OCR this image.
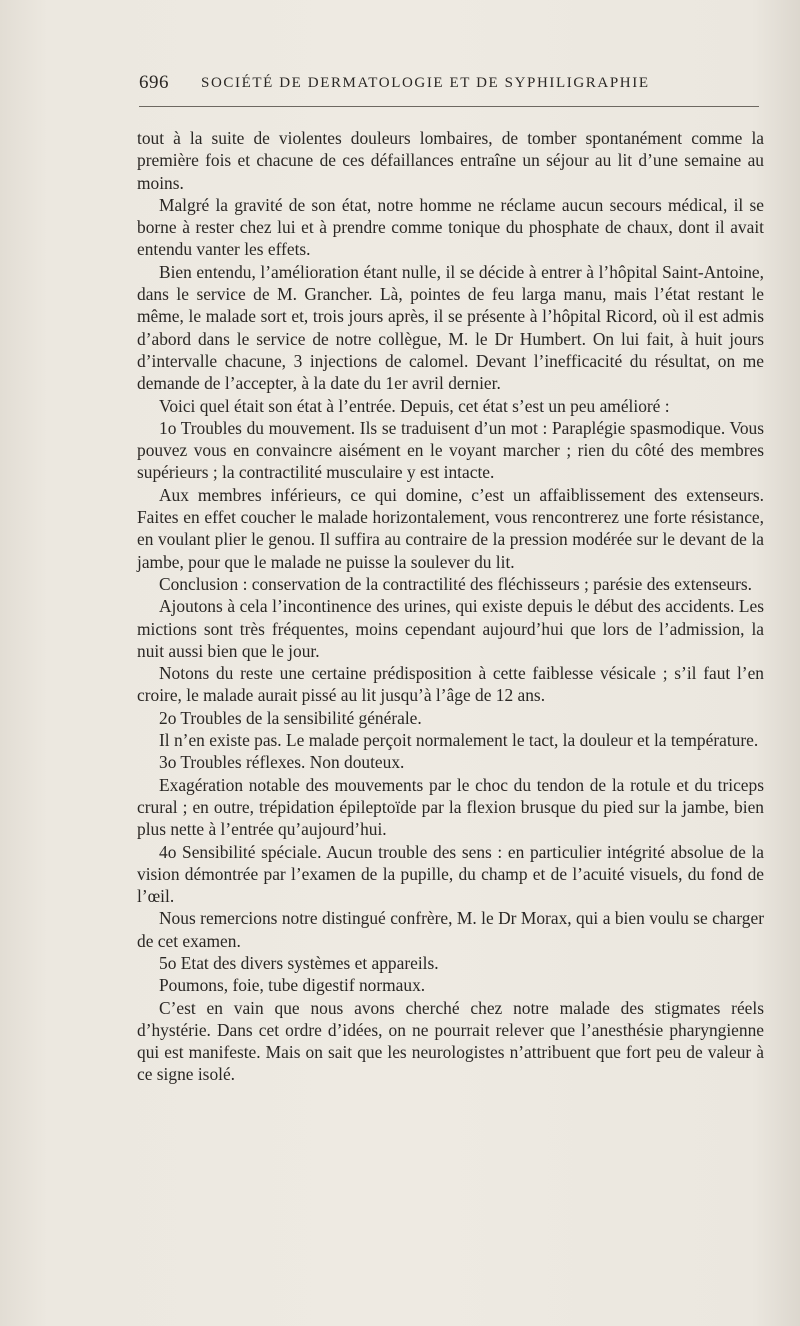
696 SOCIÉTÉ DE DERMATOLOGIE ET DE SYPHILIGRAPHIE

tout à la suite de violentes douleurs lombaires, de tomber spontanément comme la première fois et chacune de ces défaillances entraîne un séjour au lit d’une semaine au moins.

Malgré la gravité de son état, notre homme ne réclame aucun secours médical, il se borne à rester chez lui et à prendre comme tonique du phosphate de chaux, dont il avait entendu vanter les effets.

Bien entendu, l’amélioration étant nulle, il se décide à entrer à l’hôpital Saint-Antoine, dans le service de M. Grancher. Là, pointes de feu larga manu, mais l’état restant le même, le malade sort et, trois jours après, il se présente à l’hôpital Ricord, où il est admis d’abord dans le service de notre collègue, M. le Dr Humbert. On lui fait, à huit jours d’intervalle chacune, 3 injections de calomel. Devant l’inefficacité du résultat, on me demande de l’accepter, à la date du 1er avril dernier.

Voici quel était son état à l’entrée. Depuis, cet état s’est un peu amélioré :

1o Troubles du mouvement. Ils se traduisent d’un mot : Paraplégie spasmodique. Vous pouvez vous en convaincre aisément en le voyant marcher ; rien du côté des membres supérieurs ; la contractilité musculaire y est intacte.

Aux membres inférieurs, ce qui domine, c’est un affaiblissement des extenseurs. Faites en effet coucher le malade horizontalement, vous rencontrerez une forte résistance, en voulant plier le genou. Il suffira au contraire de la pression modérée sur le devant de la jambe, pour que le malade ne puisse la soulever du lit.

Conclusion : conservation de la contractilité des fléchisseurs ; parésie des extenseurs.

Ajoutons à cela l’incontinence des urines, qui existe depuis le début des accidents. Les mictions sont très fréquentes, moins cependant aujourd’hui que lors de l’admission, la nuit aussi bien que le jour.

Notons du reste une certaine prédisposition à cette faiblesse vésicale ; s’il faut l’en croire, le malade aurait pissé au lit jusqu’à l’âge de 12 ans.

2o Troubles de la sensibilité générale.

Il n’en existe pas. Le malade perçoit normalement le tact, la douleur et la température.

3o Troubles réflexes. Non douteux.

Exagération notable des mouvements par le choc du tendon de la rotule et du triceps crural ; en outre, trépidation épileptoïde par la flexion brusque du pied sur la jambe, bien plus nette à l’entrée qu’aujourd’hui.

4o Sensibilité spéciale. Aucun trouble des sens : en particulier intégrité absolue de la vision démontrée par l’examen de la pupille, du champ et de l’acuité visuels, du fond de l’œil.

Nous remercions notre distingué confrère, M. le Dr Morax, qui a bien voulu se charger de cet examen.

5o Etat des divers systèmes et appareils.

Poumons, foie, tube digestif normaux.

C’est en vain que nous avons cherché chez notre malade des stigmates réels d’hystérie. Dans cet ordre d’idées, on ne pourrait relever que l’anesthésie pharyngienne qui est manifeste. Mais on sait que les neurologistes n’attribuent que fort peu de valeur à ce signe isolé.
